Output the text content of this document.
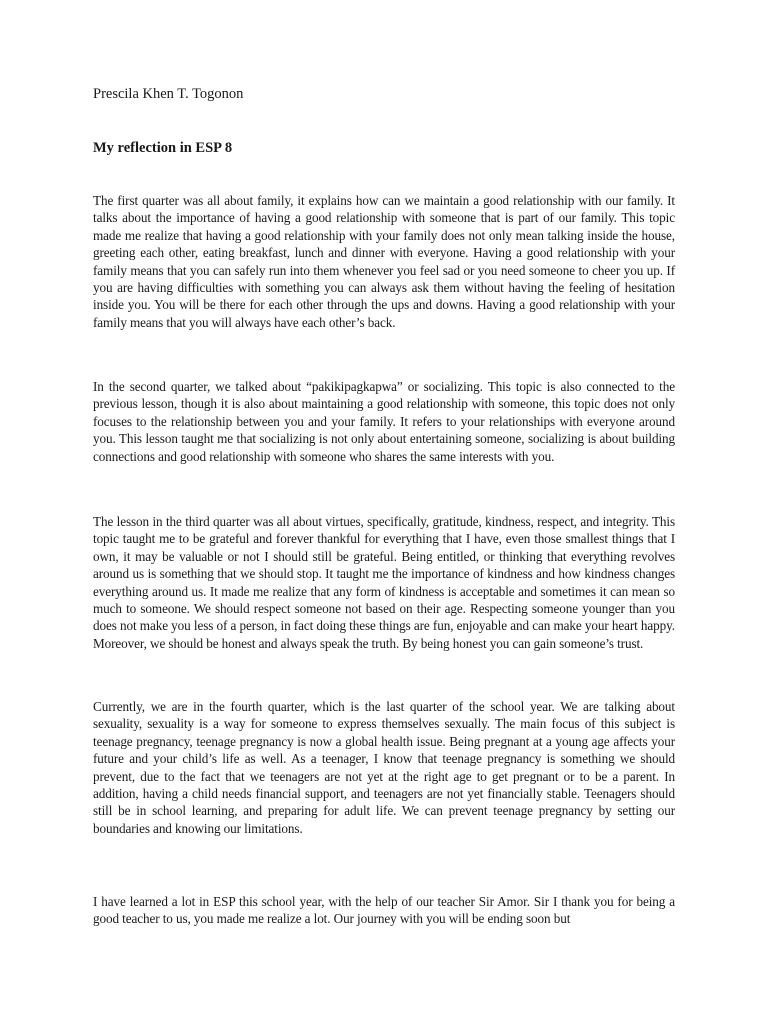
Prescila Khen T. Togonon
My reflection in ESP 8

The first quarter was all about family, it explains how can we maintain a good relationship with our family. It talks about the importance of having a good relationship with someone that is part of our family. This topic made me realize that having a good relationship with your family does not only mean talking inside the house, greeting each other, eating breakfast, lunch and dinner with everyone. Having a good relationship with your family means that you can safely run into them whenever you feel sad or you need someone to cheer you up. If you are having difficulties with something you can always ask them without having the feeling of hesitation inside you. You will be there for each other through the ups and downs. Having a good relationship with your family means that you will always have each other’s back.

In the second quarter, we talked about “pakikipagkapwa” or socializing. This topic is also connected to the previous lesson, though it is also about maintaining a good relationship with someone, this topic does not only focuses to the relationship between you and your family. It refers to your relationships with everyone around you. This lesson taught me that socializing is not only about entertaining someone, socializing is about building connections and good relationship with someone who shares the same interests with you.

The lesson in the third quarter was all about virtues, specifically, gratitude, kindness, respect, and integrity. This topic taught me to be grateful and forever thankful for everything that I have, even those smallest things that I own, it may be valuable or not I should still be grateful. Being entitled, or thinking that everything revolves around us is something that we should stop. It taught me the importance of kindness and how kindness changes everything around us. It made me realize that any form of kindness is acceptable and sometimes it can mean so much to someone. We should respect someone not based on their age. Respecting someone younger than you does not make you less of a person, in fact doing these things are fun, enjoyable and can make your heart happy. Moreover, we should be honest and always speak the truth. By being honest you can gain someone’s trust.

Currently, we are in the fourth quarter, which is the last quarter of the school year. We are talking about sexuality, sexuality is a way for someone to express themselves sexually. The main focus of this subject is teenage pregnancy, teenage pregnancy is now a global health issue. Being pregnant at a young age affects your future and your child’s life as well. As a teenager, I know that teenage pregnancy is something we should prevent, due to the fact that we teenagers are not yet at the right age to get pregnant or to be a parent. In addition, having a child needs financial support, and teenagers are not yet financially stable. Teenagers should still be in school learning, and preparing for adult life. We can prevent teenage pregnancy by setting our boundaries and knowing our limitations.

I have learned a lot in ESP this school year, with the help of our teacher Sir Amor. Sir I thank you for being a good teacher to us, you made me realize a lot. Our journey with you will be ending soon but
